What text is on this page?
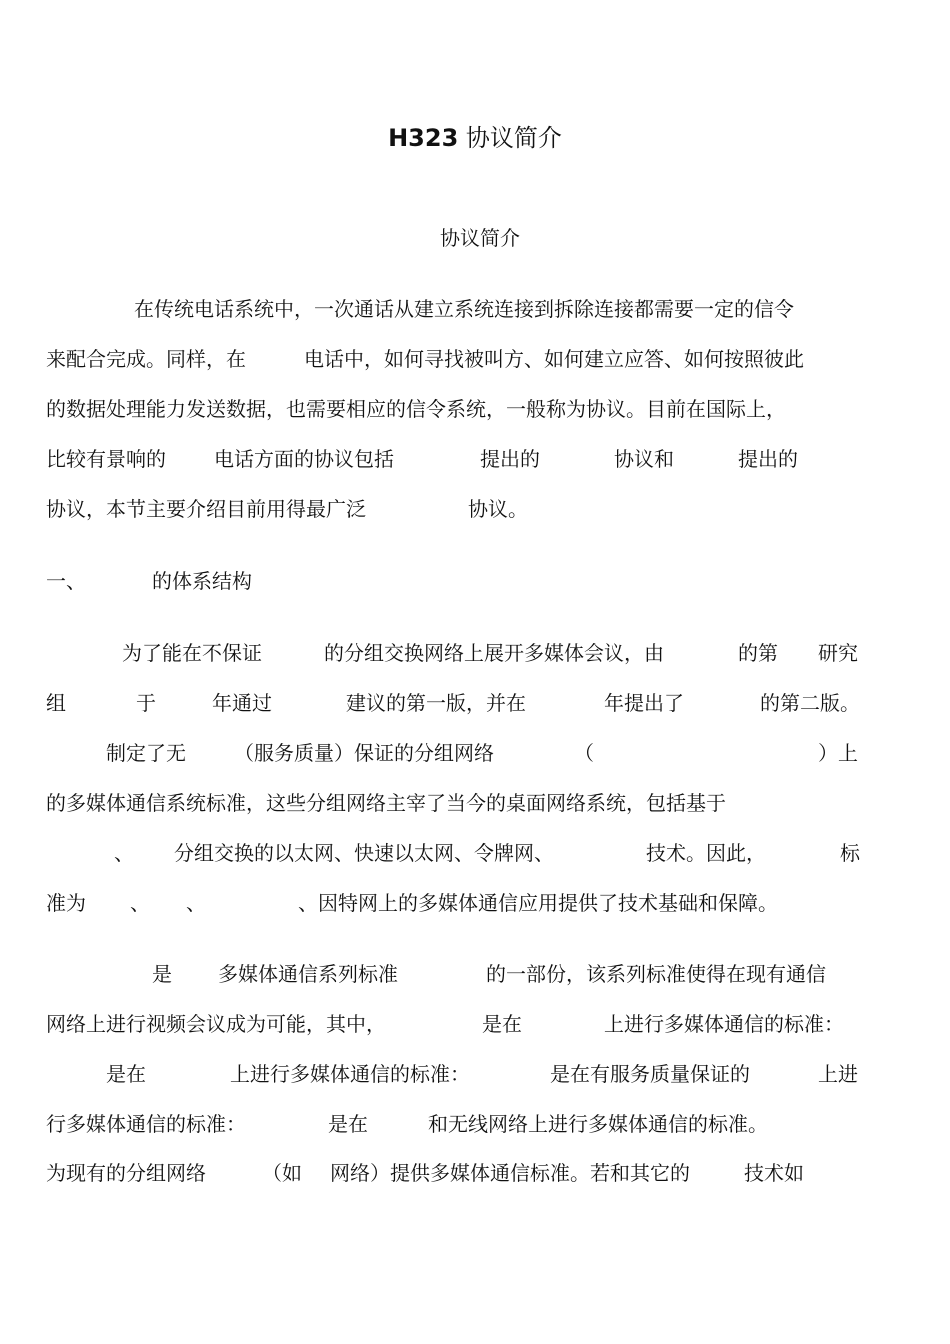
H323 协议简介
协议简介
在传统电话系统中，一次通话从建立系统连接到拆除连接都需要一定的信令
来配合完成。同样，在	电话中，如何寻找被叫方、如何建立应答、如何按照彼此
的数据处理能力发送数据，也需要相应的信令系统，一般称为协议。目前在国际上，
比较有景响的 电话方面的协议包括	提出的	协议和	提出的
协议，本节主要介绍目前用得最广泛	协议。
一、	的体系结构
为了能在不保证	的分组交换网络上展开多媒体会议，由	的第 研究
组	于	年通过	建议的第一版，并在	年提出了	的第二版。
制定了无 （服务质量）保证的分组网络	（	）上
的多媒体通信系统标准，这些分组网络主宰了当今的桌面网络系统，包括基于
、 分组交换的以太网、快速以太网、令牌网、	技术。因此，	标
准为 、 、	、因特网上的多媒体通信应用提供了技术基础和保障。
是 多媒体通信系列标准	的一部份，该系列标准使得在现有通信
网络上进行视频会议成为可能，其中，	是在	上进行多媒体通信的标准：
是在	上进行多媒体通信的标准：	是在有服务质量保证的	上进
行多媒体通信的标准：	是在	和无线网络上进行多媒体通信的标准。
为现有的分组网络	（如 网络）提供多媒体通信标准。若和其它的	技术如
